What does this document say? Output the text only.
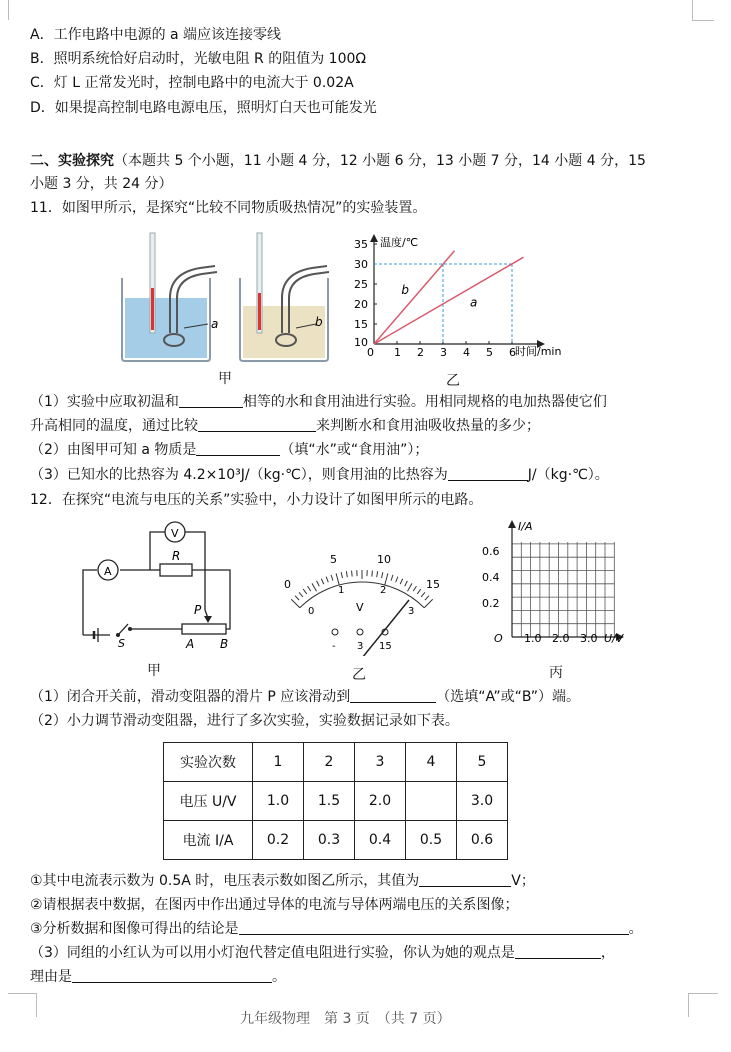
A．工作电路中电源的 a 端应该连接零线
B．照明系统恰好启动时，光敏电阻 R 的阻值为 100Ω
C．灯 L 正常发光时，控制电路中的电流大于 0.02A
D．如果提高控制电路电源电压，照明灯白天也可能发光
二、实验探究（本题共 5 个小题，11 小题 4 分，12 小题 6 分，13 小题 7 分，14 小题 4 分，15
小题 3 分，共 24 分）
11．如图甲所示，是探究“比较不同物质吸热情况”的实验装置。
a	b
0 1 2 3 4 5 6
15
20
25
30
35
10
温度/℃
时间/min
b
a
甲	乙
（1）实验中应取初温和	相等的水和食用油进行实验。用相同规格的电加热器使它们
升高相同的温度，通过比较	来判断水和食用油吸收热量的多少；
（2）由图甲可知 a 物质是	（填“水”或“食用油”）；
（3）已知水的比热容为 4.2×10³J/（kg·℃），则食用油的比热容为	J/（kg·℃）。
12．在探究“电流与电压的关系”实验中，小力设计了如图甲所示的电路。
A
V
R
P
A B
S
0
5	10
15
0
1	2
3
V
- 3 15
I/A
0.6
0.4
0.2
O 1.0 2.0 3.0 U/V
甲	乙	丙
（1）闭合开关前，滑动变阻器的滑片 P 应该滑动到	（选填“A”或“B”）端。
（2）小力调节滑动变阻器，进行了多次实验，实验数据记录如下表。
实验次数	1	2	3	4	5
电压 U/V	1.0	1.5	2.0		3.0
电流 I/A	0.2	0.3	0.4	0.5	0.6
①其中电流表示数为 0.5A 时，电压表示数如图乙所示，其值为	V；
②请根据表中数据，在图丙中作出通过导体的电流与导体两端电压的关系图像；
③分析数据和图像可得出的结论是	。
（3）同组的小红认为可以用小灯泡代替定值电阻进行实验，你认为她的观点是	，
理由是	。
九年级物理　第 3 页　（共 7 页）
